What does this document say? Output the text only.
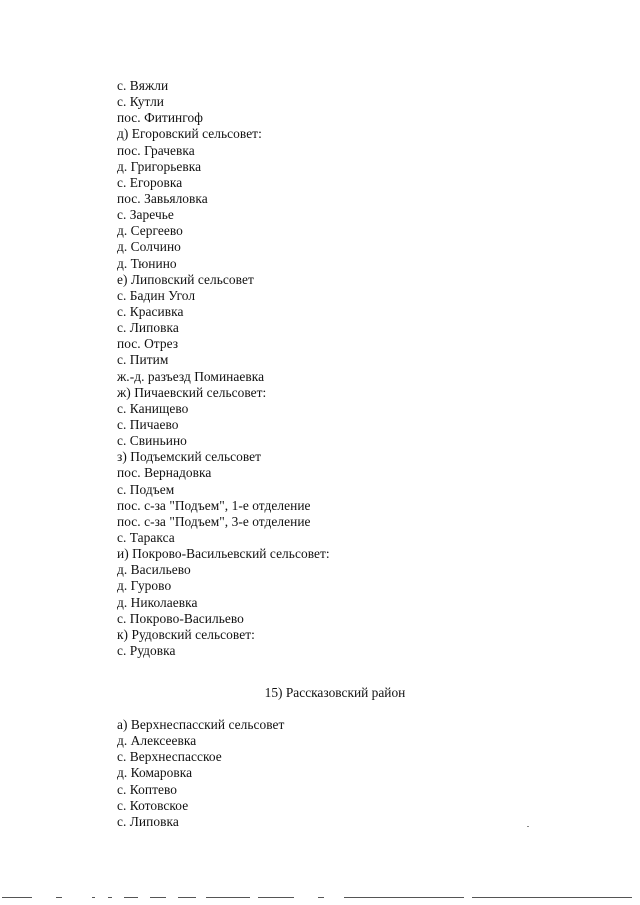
с. Вяжли
с. Кутли
пос. Фитингоф
д) Егоровский сельсовет:
пос. Грачевка
д. Григорьевка
с. Егоровка
пос. Завьяловка
с. Заречье
д. Сергеево
д. Солчино
д. Тюнино
е) Липовский сельсовет
с. Бадин Угол
с. Красивка
с. Липовка
пос. Отрез
с. Питим
ж.-д. разъезд Поминаевка
ж) Пичаевский сельсовет:
с. Канищево
с. Пичаево
с. Свиньино
з) Подъемский сельсовет
пос. Вернадовка
с. Подъем
пос. с-за "Подъем", 1-е отделение
пос. с-за "Подъем", 3-е отделение
с. Таракса
и) Покрово-Васильевский сельсовет:
д. Васильево
д. Гурово
д. Николаевка
с. Покрово-Васильево
к) Рудовский сельсовет:
с. Рудовка
15) Рассказовский район
а) Верхнеспасский сельсовет
д. Алексеевка
с. Верхнеспасское
д. Комаровка
с. Коптево
с. Котовское
с. Липовка
